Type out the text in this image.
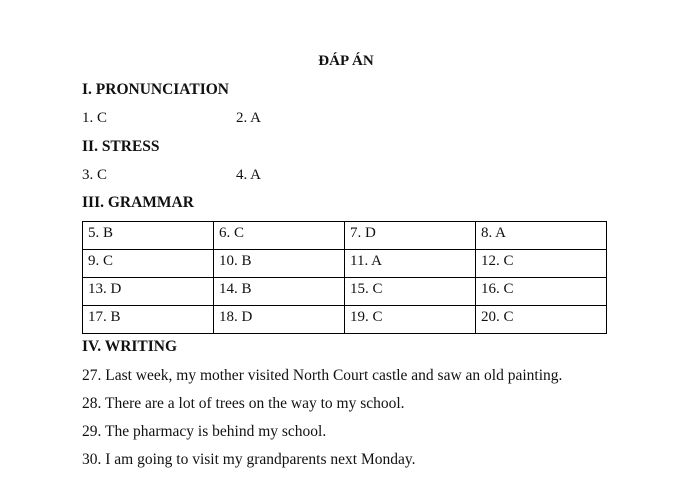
ĐÁP ÁN
I. PRONUNCIATION
1. C	2. A
II. STRESS
3. C	4. A
III. GRAMMAR
5. B	6. C	7. D	8. A
9. C	10. B	11. A	12. C
13. D	14. B	15. C	16. C
17. B	18. D	19. C	20. C
IV. WRITING
27. Last week, my mother visited North Court castle and saw an old painting.
28. There are a lot of trees on the way to my school.
29. The pharmacy is behind my school.
30. I am going to visit my grandparents next Monday.
